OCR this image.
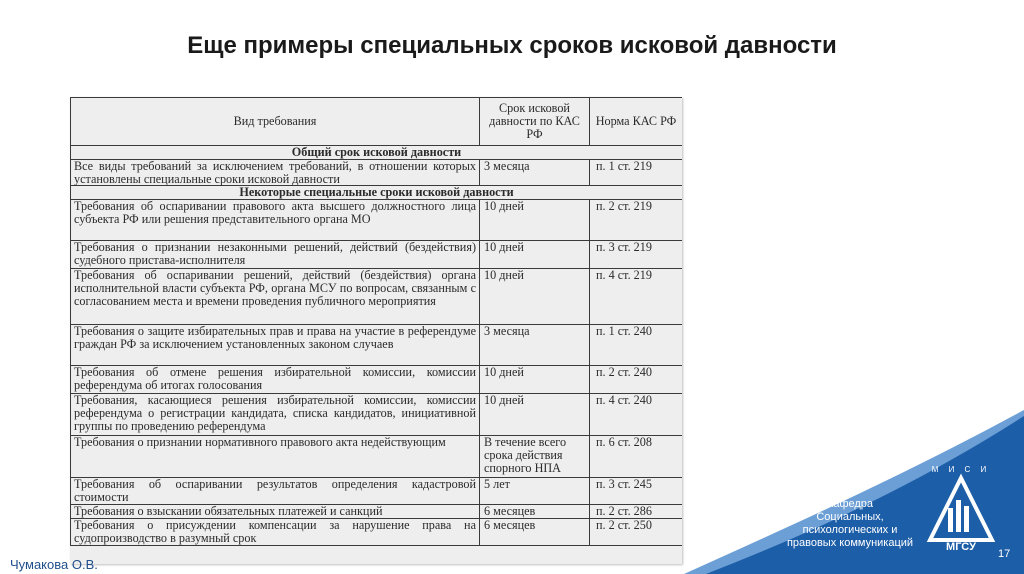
Еще примеры специальных сроков исковой давности
Вид требования	Срок исковой давности по КАС РФ	Норма КАС РФ
Общий срок исковой давности		
Все виды требований за исключением требований, в отношении которых установлены специальные сроки исковой давности	3 месяца	п. 1 ст. 219
Некоторые специальные сроки исковой давности		
Требования об оспаривании правового акта высшего должностного лица субъекта РФ или решения представительного органа МО	10 дней	п. 2 ст. 219
Требования о признании незаконными решений, действий (бездействия) судебного пристава-исполнителя	10 дней	п. 3 ст. 219
Требования об оспаривании решений, действий (бездействия) органа исполнительной власти субъекта РФ, органа МСУ по вопросам, связанным с согласованием места и времени проведения публичного мероприятия	10 дней	п. 4 ст. 219
Требования о защите избирательных прав и права на участие в референдуме граждан РФ за исключением установленных законом случаев	3 месяца	п. 1 ст. 240
Требования об отмене решения избирательной комиссии, комиссии референдума об итогах голосования	10 дней	п. 2 ст. 240
Требования, касающиеся решения избирательной комиссии, комиссии референдума о регистрации кандидата, списка кандидатов, инициативной группы по проведению референдума	10 дней	п. 4 ст. 240
Требования о признании нормативного правового акта недействующим	В течение всего срока действия спорного НПА	п. 6 ст. 208
Требования об оспаривании результатов определения кадастровой стоимости	5 лет	п. 3 ст. 245
Требования о взыскании обязательных платежей и санкций	6 месяцев	п. 2 ст. 286
Требования о присуждении компенсации за нарушение права на судопроизводство в разумный срок	6 месяцев	п. 2 ст. 250
Кафедра
Социальных,
психологических и
правовых коммуникаций
М И С И
МГСУ
17
Чумакова О.В.
